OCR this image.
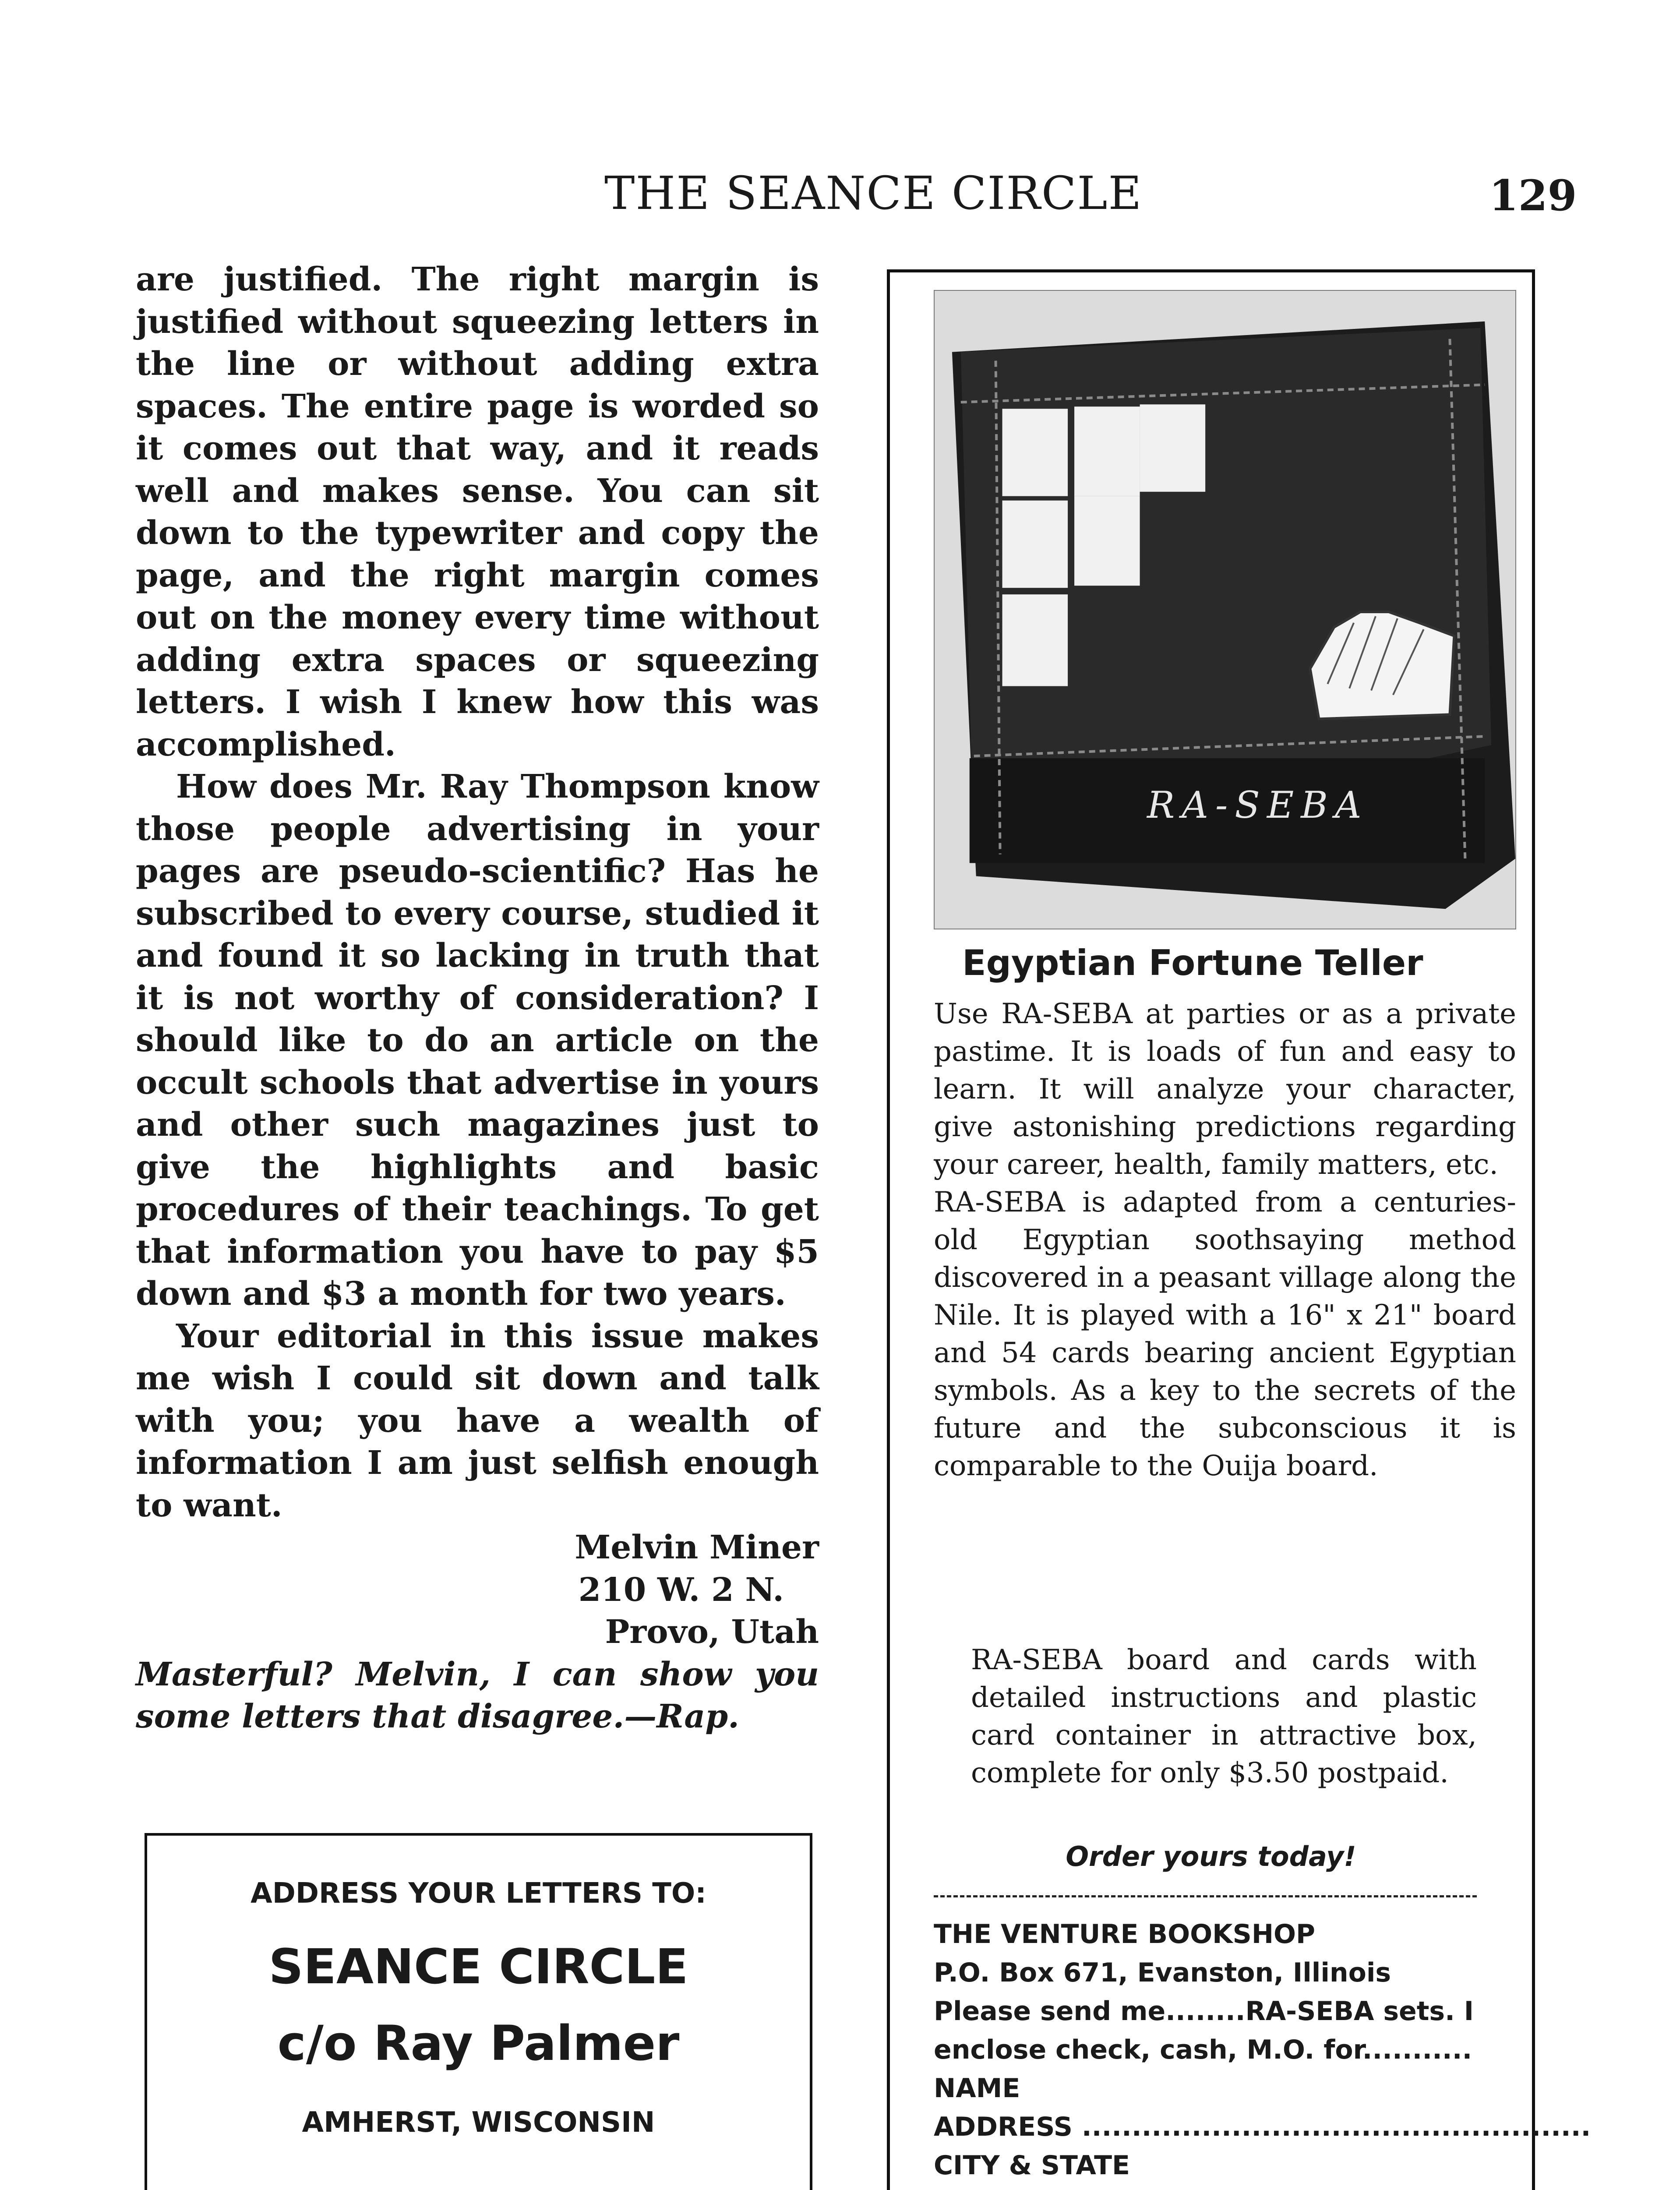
THE SEANCE CIRCLE	129

are justified. The right margin is justified without squeezing letters in the line or without adding extra spaces. The entire page is worded so it comes out that way, and it reads well and makes sense. You can sit down to the typewriter and copy the page, and the right margin comes out on the money every time without adding extra spaces or squeezing letters. I wish I knew how this was accomplished.

How does Mr. Ray Thompson know those people advertising in your pages are pseudo-scientific? Has he subscribed to every course, studied it and found it so lacking in truth that it is not worthy of consideration? I should like to do an article on the occult schools that advertise in yours and other such magazines just to give the highlights and basic procedures of their teachings. To get that information you have to pay $5 down and $3 a month for two years.

Your editorial in this issue makes me wish I could sit down and talk with you; you have a wealth of information I am just selfish enough to want.

Melvin Miner
210 W. 2 N.
Provo, Utah

Masterful? Melvin, I can show you some letters that disagree.—Rap.

ADDRESS YOUR LETTERS TO:
SEANCE CIRCLE
c/o Ray Palmer
AMHERST, WISCONSIN
RA-SEBA
Egyptian Fortune Teller

Use RA-SEBA at parties or as a private pastime. It is loads of fun and easy to learn. It will analyze your character, give astonishing predictions regarding your career, health, family matters, etc.

RA-SEBA is adapted from a centuries-old Egyptian soothsaying method discovered in a peasant village along the Nile. It is played with a 16" x 21" board and 54 cards bearing ancient Egyptian symbols. As a key to the secrets of the future and the subconscious it is comparable to the Ouija board.

RA-SEBA board and cards with detailed instructions and plastic card container in attractive box, complete for only $3.50 postpaid.
Order yours today!
THE VENTURE BOOKSHOP
P.O. Box 671, Evanston, Illinois
Please send me........RA-SEBA sets. I
enclose check, cash, M.O. for...........
NAME
ADDRESS ...................................................
CITY & STATE
